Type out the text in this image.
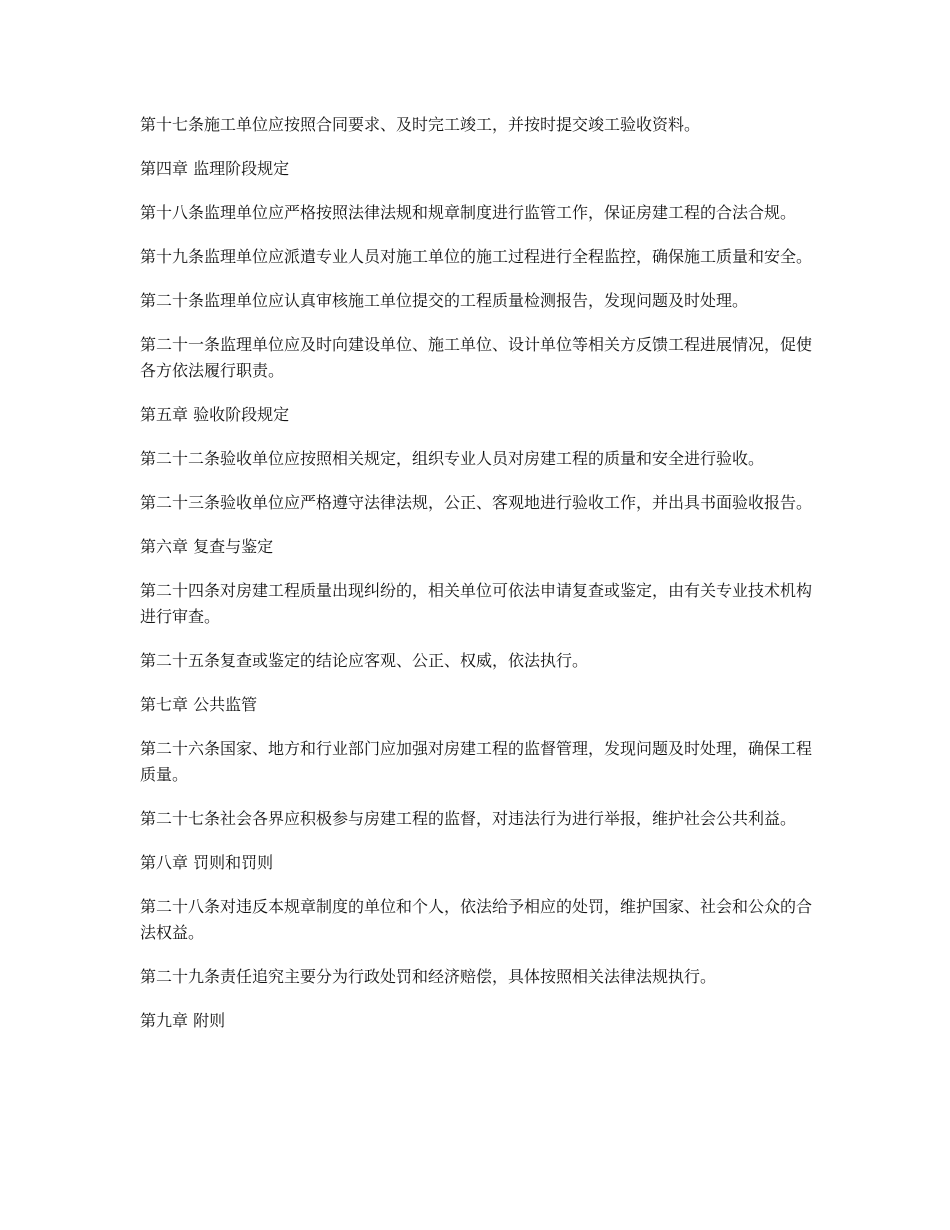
第十七条施工单位应按照合同要求、及时完工竣工，并按时提交竣工验收资料。

第四章 监理阶段规定

第十八条监理单位应严格按照法律法规和规章制度进行监管工作，保证房建工程的合法合规。

第十九条监理单位应派遣专业人员对施工单位的施工过程进行全程监控，确保施工质量和安全。

第二十条监理单位应认真审核施工单位提交的工程质量检测报告，发现问题及时处理。

第二十一条监理单位应及时向建设单位、施工单位、设计单位等相关方反馈工程进展情况，促使各方依法履行职责。

第五章 验收阶段规定

第二十二条验收单位应按照相关规定，组织专业人员对房建工程的质量和安全进行验收。

第二十三条验收单位应严格遵守法律法规，公正、客观地进行验收工作，并出具书面验收报告。

第六章 复查与鉴定

第二十四条对房建工程质量出现纠纷的，相关单位可依法申请复查或鉴定，由有关专业技术机构进行审查。

第二十五条复查或鉴定的结论应客观、公正、权威，依法执行。

第七章 公共监管

第二十六条国家、地方和行业部门应加强对房建工程的监督管理，发现问题及时处理，确保工程质量。

第二十七条社会各界应积极参与房建工程的监督，对违法行为进行举报，维护社会公共利益。

第八章 罚则和罚则

第二十八条对违反本规章制度的单位和个人，依法给予相应的处罚，维护国家、社会和公众的合法权益。

第二十九条责任追究主要分为行政处罚和经济赔偿，具体按照相关法律法规执行。

第九章 附则
